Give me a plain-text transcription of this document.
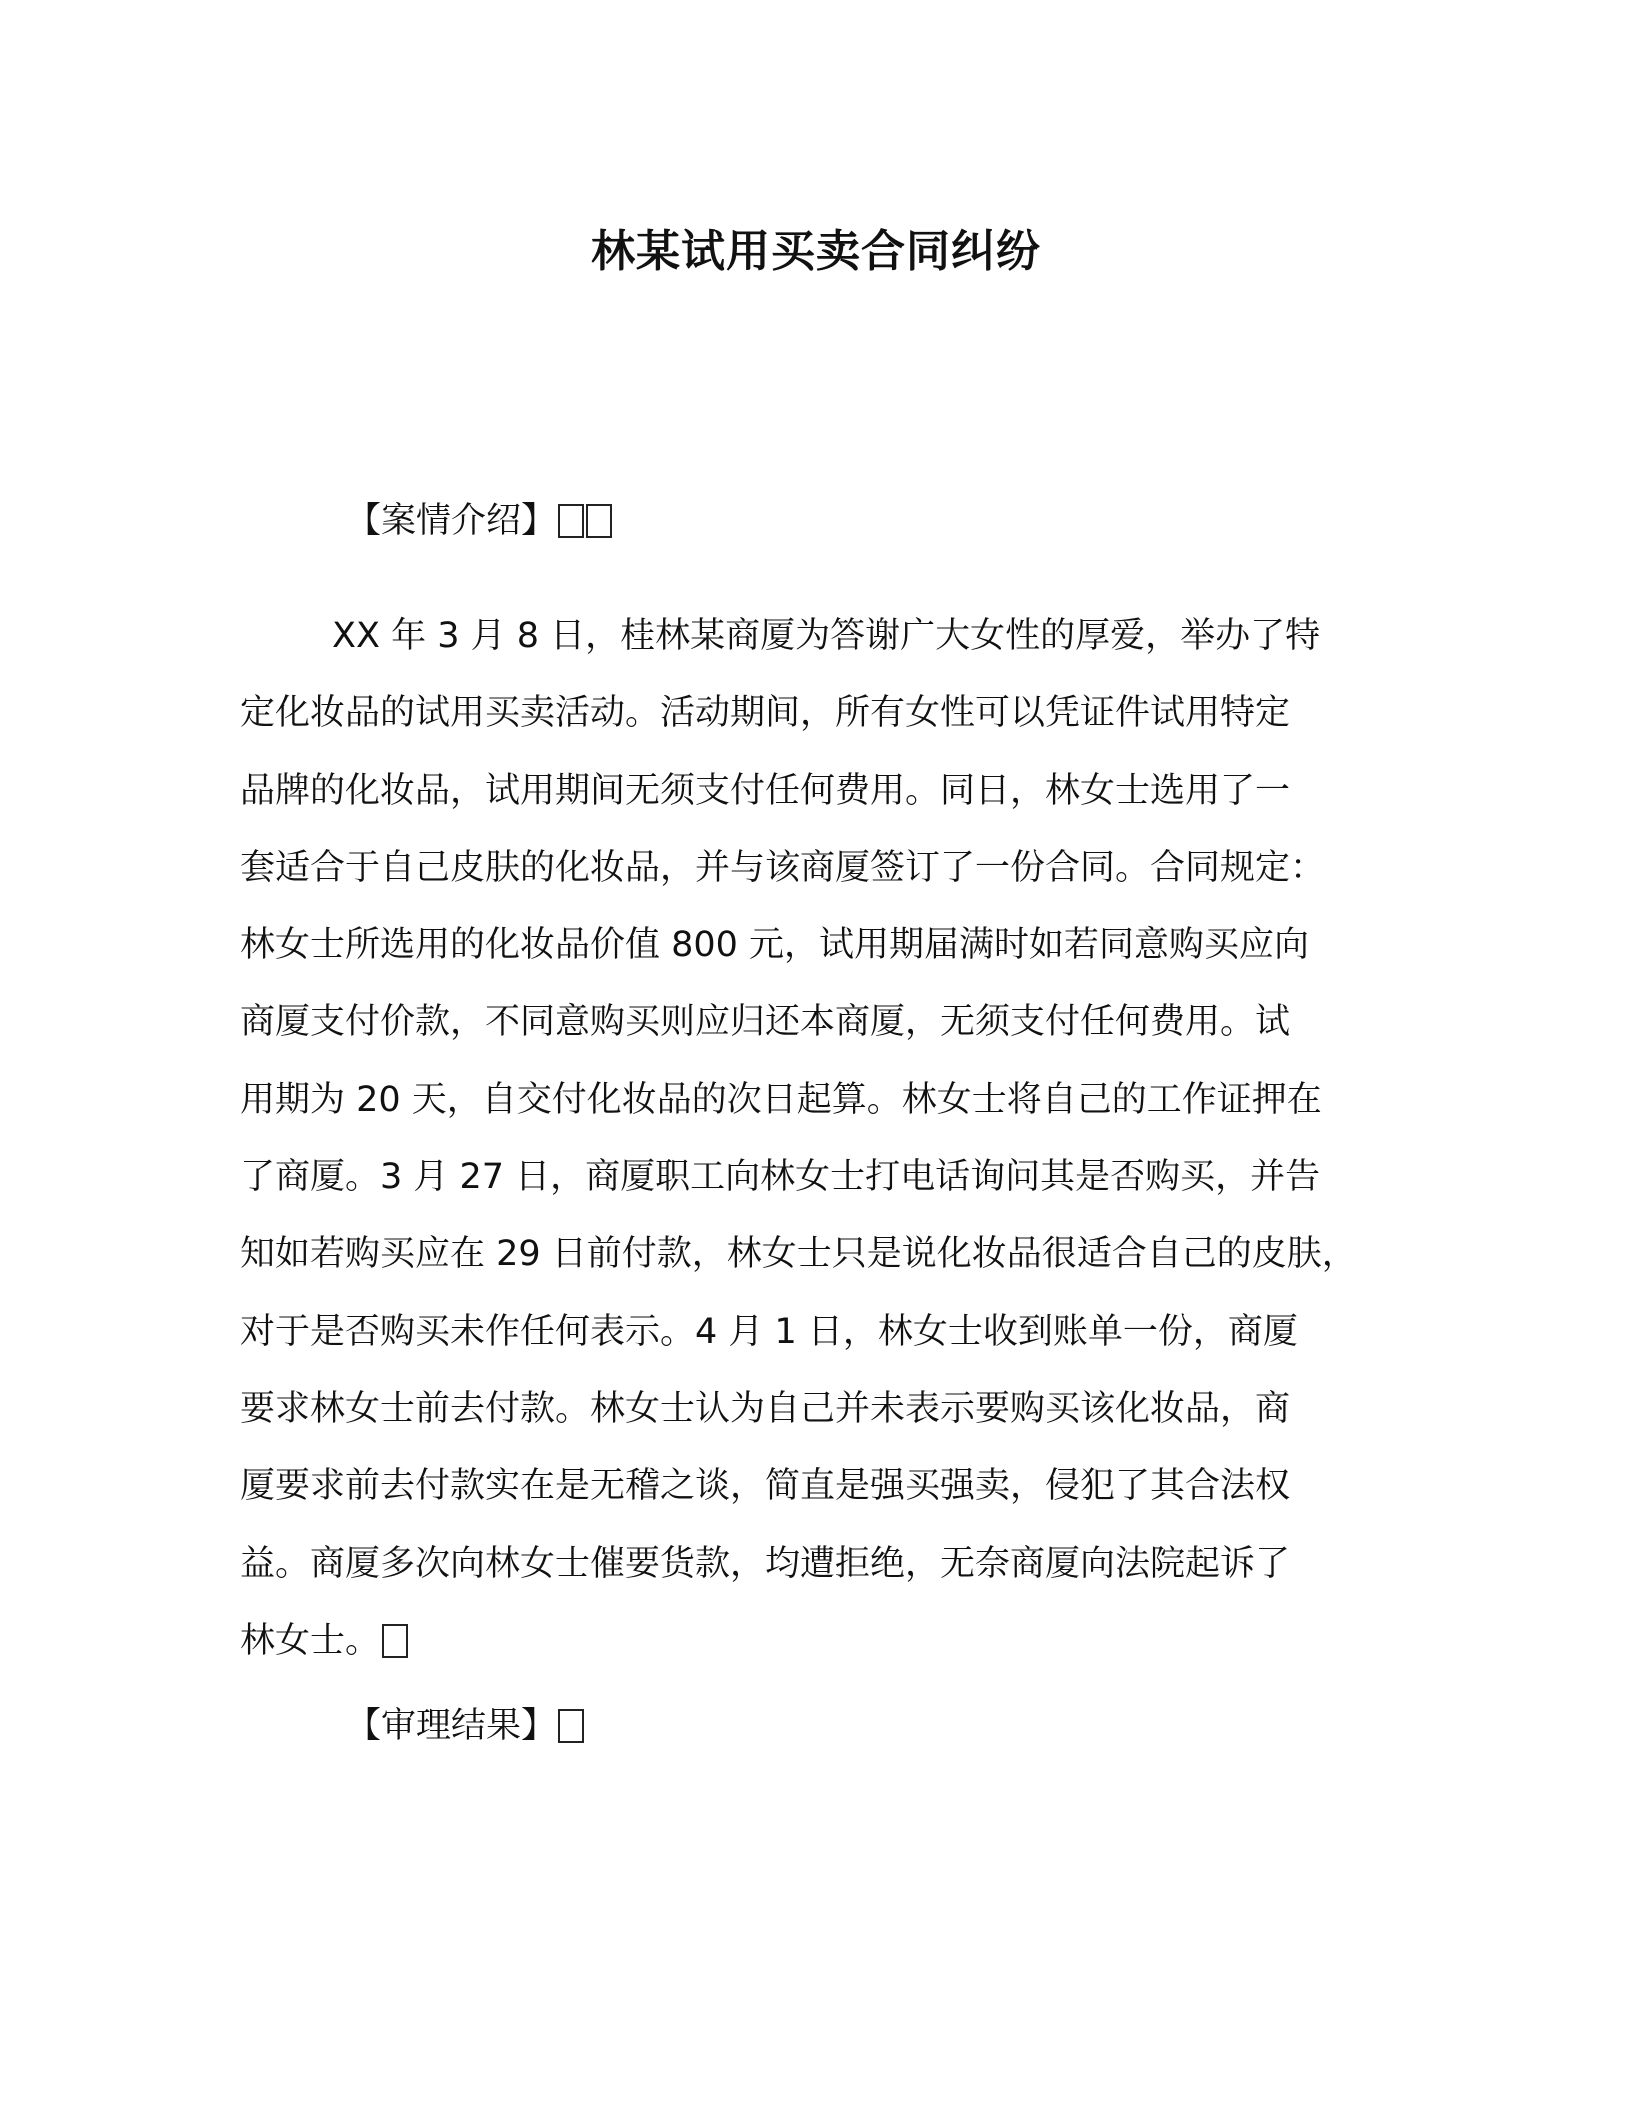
林某试用买卖合同纠纷
【案情介绍】
XX 年 3 月 8 日，桂林某商厦为答谢广大女性的厚爱，举办了特
定化妆品的试用买卖活动。活动期间，所有女性可以凭证件试用特定
品牌的化妆品，试用期间无须支付任何费用。同日，林女士选用了一
套适合于自己皮肤的化妆品，并与该商厦签订了一份合同。合同规定：
林女士所选用的化妆品价值 800 元，试用期届满时如若同意购买应向
商厦支付价款，不同意购买则应归还本商厦，无须支付任何费用。试
用期为 20 天，自交付化妆品的次日起算。林女士将自己的工作证押在
了商厦。3 月 27 日，商厦职工向林女士打电话询问其是否购买，并告
知如若购买应在 29 日前付款，林女士只是说化妆品很适合自己的皮肤，
对于是否购买未作任何表示。4 月 1 日，林女士收到账单一份，商厦
要求林女士前去付款。林女士认为自己并未表示要购买该化妆品，商
厦要求前去付款实在是无稽之谈，简直是强买强卖，侵犯了其合法权
益。商厦多次向林女士催要货款，均遭拒绝，无奈商厦向法院起诉了
林女士。
【审理结果】
